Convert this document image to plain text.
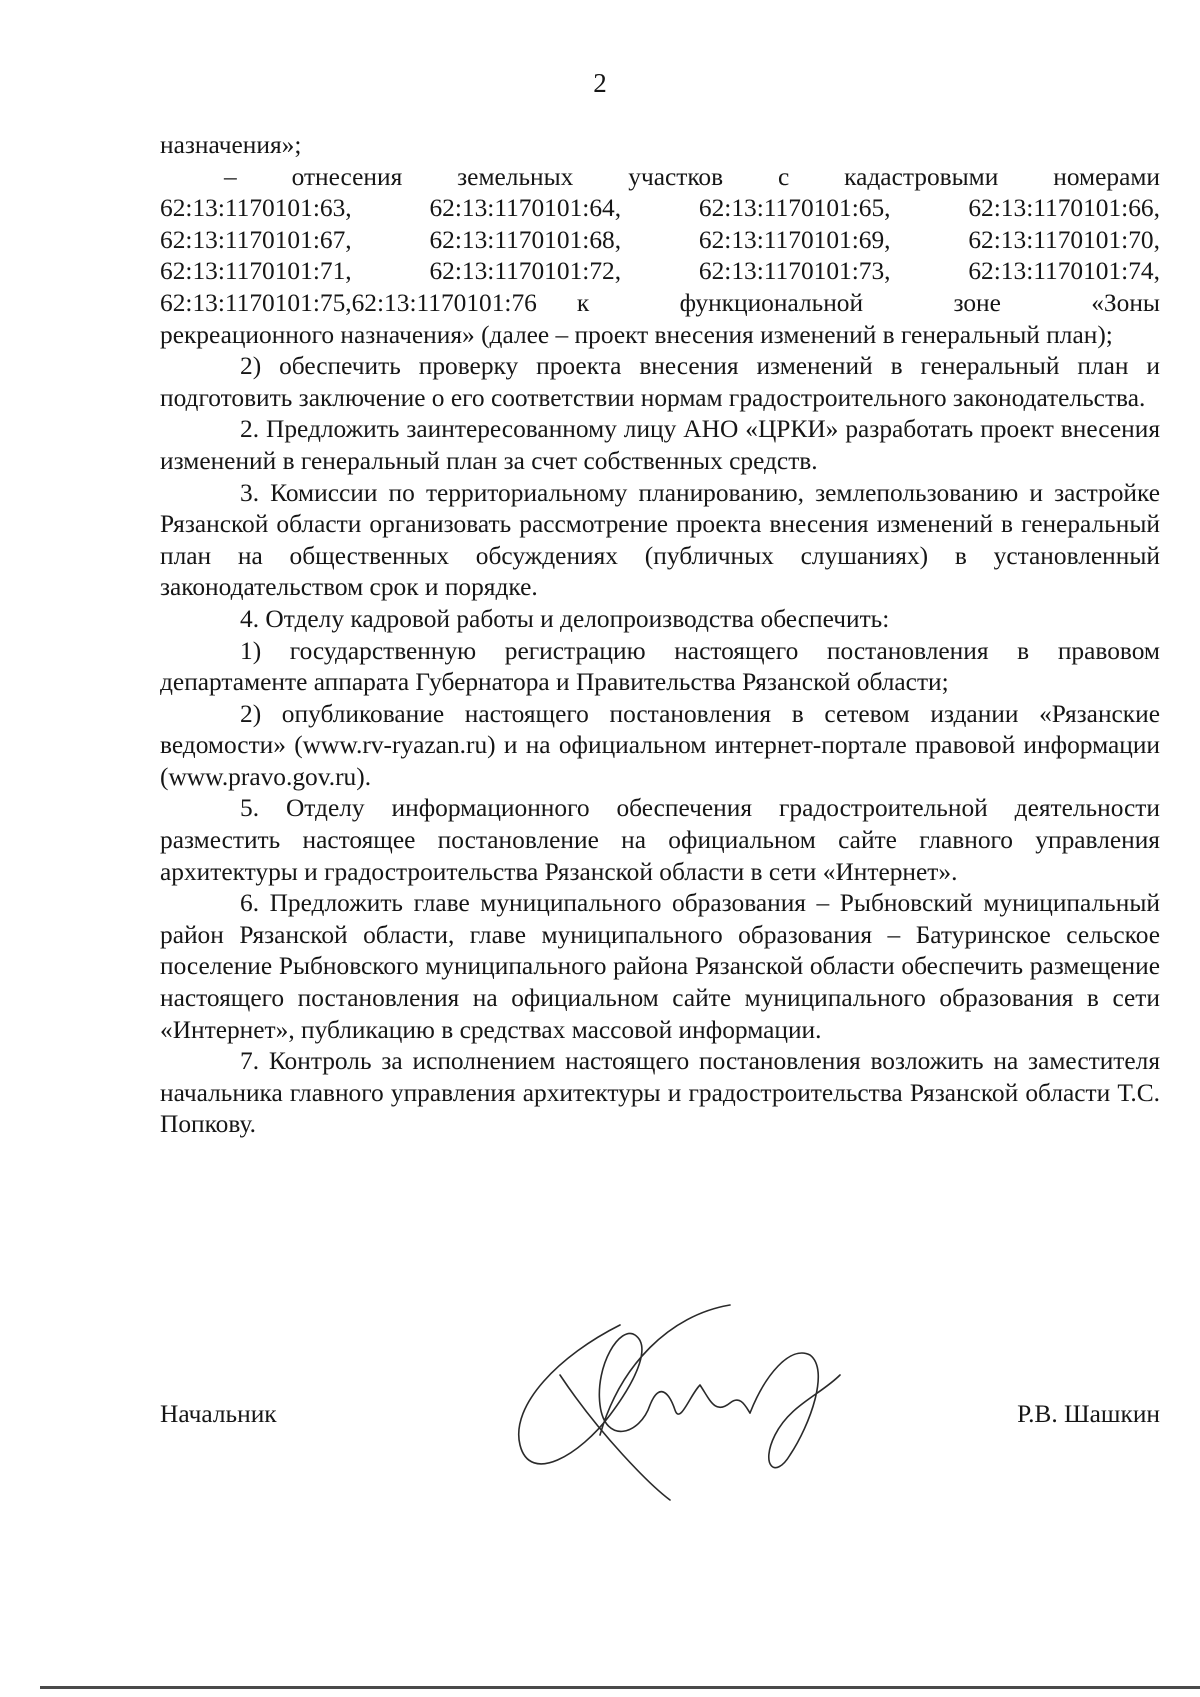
2

назначения»;

– отнесения земельных участков с кадастровыми номерами

62:13:1170101:63,	62:13:1170101:64,	62:13:1170101:65,	62:13:1170101:66,
62:13:1170101:67,	62:13:1170101:68,	62:13:1170101:69,	62:13:1170101:70,
62:13:1170101:71,	62:13:1170101:72,	62:13:1170101:73,	62:13:1170101:74,
62:13:1170101:75, 62:13:1170101:76 к функциональной зоне «Зоны

рекреационного назначения» (далее – проект внесения изменений в генеральный план);

2) обеспечить проверку проекта внесения изменений в генеральный план и подготовить заключение о его соответствии нормам градостроительного законодательства.

2. Предложить заинтересованному лицу АНО «ЦРКИ» разработать проект внесения изменений в генеральный план за счет собственных средств.

3. Комиссии по территориальному планированию, землепользованию и застройке Рязанской области организовать рассмотрение проекта внесения изменений в генеральный план на общественных обсуждениях (публичных слушаниях) в установленный законодательством срок и порядке.

4. Отделу кадровой работы и делопроизводства обеспечить:

1) государственную регистрацию настоящего постановления в правовом департаменте аппарата Губернатора и Правительства Рязанской области;

2) опубликование настоящего постановления в сетевом издании «Рязанские ведомости» (www.rv-ryazan.ru) и на официальном интернет-портале правовой информации (www.pravo.gov.ru).

5. Отделу информационного обеспечения градостроительной деятельности разместить настоящее постановление на официальном сайте главного управления архитектуры и градостроительства Рязанской области в сети «Интернет».

6. Предложить главе муниципального образования – Рыбновский муниципальный район Рязанской области, главе муниципального образования – Батуринское сельское поселение Рыбновского муниципального района Рязанской области обеспечить размещение настоящего постановления на официальном сайте муниципального образования в сети «Интернет», публикацию в средствах массовой информации.

7. Контроль за исполнением настоящего постановления возложить на заместителя начальника главного управления архитектуры и градостроительства Рязанской области Т.С. Попкову.

Начальник	Р.В. Шашкин
